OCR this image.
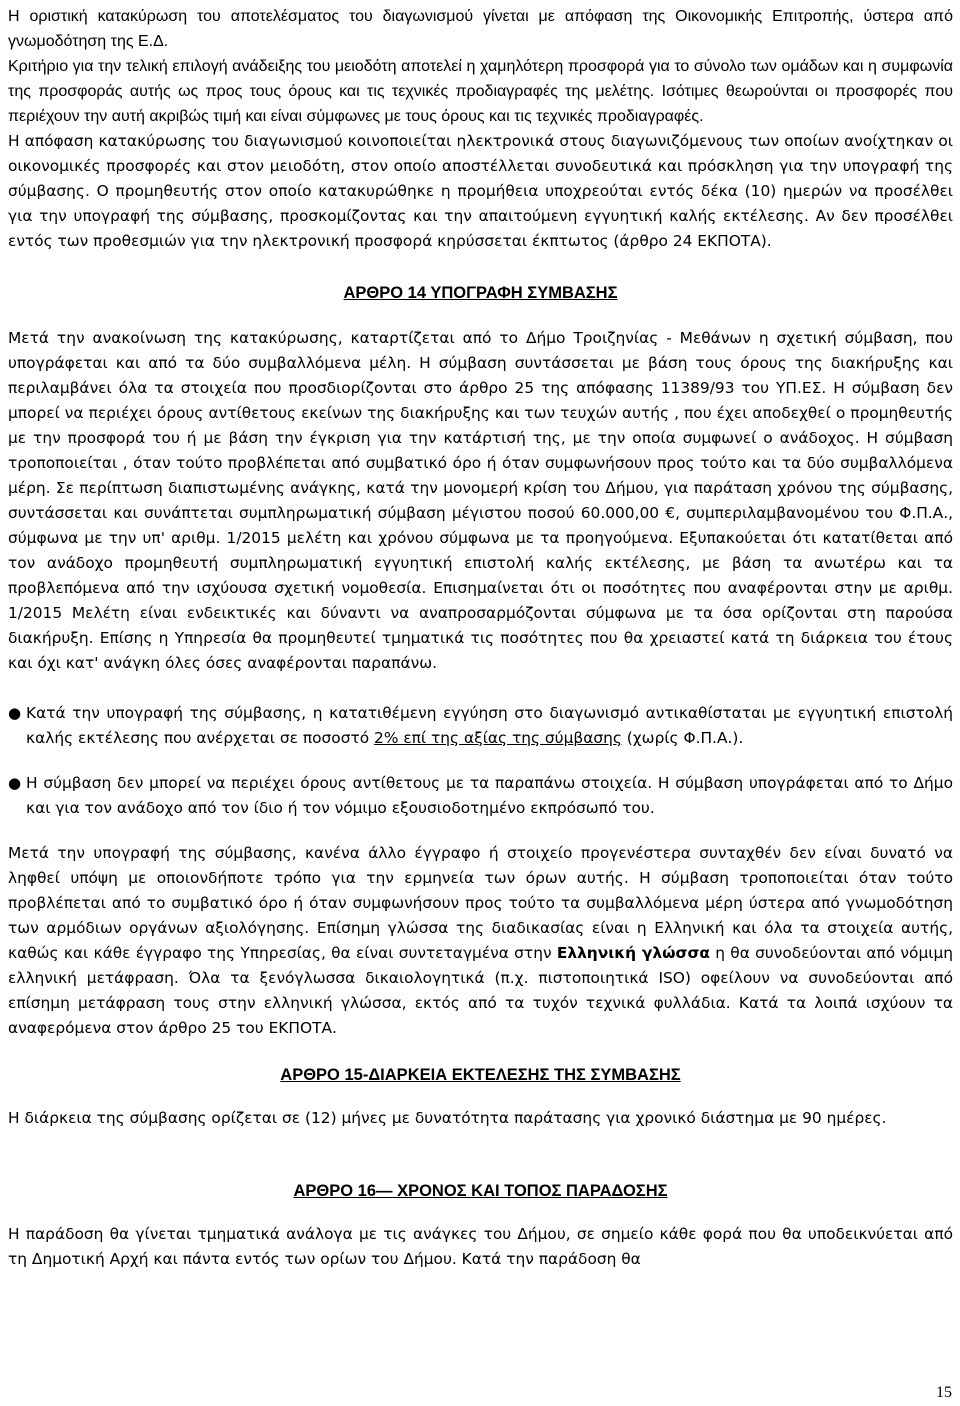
Η οριστική κατακύρωση του αποτελέσματος του διαγωνισμού γίνεται με απόφαση της Οικονομικής Επιτροπής, ύστερα από γνωμοδότηση της Ε.Δ.

Κριτήριο για την τελική επιλογή ανάδειξης του μειοδότη αποτελεί η χαμηλότερη προσφορά για το σύνολο των ομάδων και η συμφωνία της προσφοράς αυτής ως προς τους όρους και τις τεχνικές προδιαγραφές της μελέτης. Ισότιμες θεωρούνται οι προσφορές που περιέχουν την αυτή ακριβώς τιμή και είναι σύμφωνες με τους όρους και τις τεχνικές προδιαγραφές.

Η απόφαση κατακύρωσης του διαγωνισμού κοινοποιείται ηλεκτρονικά στους διαγωνιζόμενους των οποίων ανοίχτηκαν οι οικονομικές προσφορές και στον μειοδότη, στον οποίο αποστέλλεται συνοδευτικά και πρόσκληση για την υπογραφή της σύμβασης. Ο προμηθευτής στον οποίο κατακυρώθηκε η προμήθεια υποχρεούται εντός δέκα (10) ημερών να προσέλθει για την υπογραφή της σύμβασης, προσκομίζοντας και την απαιτούμενη εγγυητική καλής εκτέλεσης. Αν δεν προσέλθει εντός των προθεσμιών για την ηλεκτρονική προσφορά κηρύσσεται έκπτωτος (άρθρο 24 ΕΚΠΟΤΑ).

ΑΡΘΡΟ 14 ΥΠΟΓΡΑΦΗ ΣΥΜΒΑΣΗΣ

Μετά την ανακοίνωση της κατακύρωσης, καταρτίζεται από το Δήμο Τροιζηνίας - Μεθάνων η σχετική σύμβαση, που υπογράφεται και από τα δύο συμβαλλόμενα μέλη. Η σύμβαση συντάσσεται με βάση τους όρους της διακήρυξης και περιλαμβάνει όλα τα στοιχεία που προσδιορίζονται στο άρθρο 25 της απόφασης 11389/93 του ΥΠ.ΕΣ. Η σύμβαση δεν μπορεί να περιέχει όρους αντίθετους εκείνων της διακήρυξης και των τευχών αυτής , που έχει αποδεχθεί ο προμηθευτής με την προσφορά του ή με βάση την έγκριση για την κατάρτισή της, με την οποία συμφωνεί ο ανάδοχος. Η σύμβαση τροποποιείται , όταν τούτο προβλέπεται από συμβατικό όρο ή όταν συμφωνήσουν προς τούτο και τα δύο συμβαλλόμενα μέρη. Σε περίπτωση διαπιστωμένης ανάγκης, κατά την μονομερή κρίση του Δήμου, για παράταση χρόνου της σύμβασης, συντάσσεται και συνάπτεται συμπληρωματική σύμβαση μέγιστου ποσού 60.000,00 €, συμπεριλαμβανομένου του Φ.Π.Α., σύμφωνα με την υπ' αριθμ. 1/2015 μελέτη και χρόνου σύμφωνα με τα προηγούμενα. Εξυπακούεται ότι κατατίθεται από τον ανάδοχο προμηθευτή συμπληρωματική εγγυητική επιστολή καλής εκτέλεσης, με βάση τα ανωτέρω και τα προβλεπόμενα από την ισχύουσα σχετική νομοθεσία. Επισημαίνεται ότι οι ποσότητες που αναφέρονται στην με αριθμ. 1/2015 Μελέτη είναι ενδεικτικές και δύναντι να αναπροσαρμόζονται σύμφωνα με τα όσα ορίζονται στη παρούσα διακήρυξη. Επίσης η Υπηρεσία θα προμηθευτεί τμηματικά τις ποσότητες που θα χρειαστεί κατά τη διάρκεια του έτους και όχι κατ' ανάγκη όλες όσες αναφέρονται παραπάνω.

● Κατά την υπογραφή της σύμβασης, η κατατιθέμενη εγγύηση στο διαγωνισμό αντικαθίσταται με εγγυητική επιστολή καλής εκτέλεσης που ανέρχεται σε ποσοστό 2% επί της αξίας της σύμβασης (χωρίς Φ.Π.Α.).

● Η σύμβαση δεν μπορεί να περιέχει όρους αντίθετους με τα παραπάνω στοιχεία. Η σύμβαση υπογράφεται από το Δήμο και για τον ανάδοχο από τον ίδιο ή τον νόμιμο εξουσιοδοτημένο εκπρόσωπό του.

Μετά την υπογραφή της σύμβασης, κανένα άλλο έγγραφο ή στοιχείο προγενέστερα συνταχθέν δεν είναι δυνατό να ληφθεί υπόψη με οποιονδήποτε τρόπο για την ερμηνεία των όρων αυτής. Η σύμβαση τροποποιείται όταν τούτο προβλέπεται από το συμβατικό όρο ή όταν συμφωνήσουν προς τούτο τα συμβαλλόμενα μέρη ύστερα από γνωμοδότηση των αρμόδιων οργάνων αξιολόγησης. Επίσημη γλώσσα της διαδικασίας είναι η Ελληνική και όλα τα στοιχεία αυτής, καθώς και κάθε έγγραφο της Υπηρεσίας, θα είναι συντεταγμένα στην Ελληνική γλώσσα η θα συνοδεύονται από νόμιμη ελληνική μετάφραση. Όλα τα ξενόγλωσσα δικαιολογητικά (π.χ. πιστοποιητικά ISO) οφείλουν να συνοδεύονται από επίσημη μετάφραση τους στην ελληνική γλώσσα, εκτός από τα τυχόν τεχνικά φυλλάδια. Κατά τα λοιπά ισχύουν τα αναφερόμενα στον άρθρο 25 του ΕΚΠΟΤΑ.

ΑΡΘΡΟ 15-ΔΙΑΡΚΕΙΑ ΕΚΤΕΛΕΣΗΣ ΤΗΣ ΣΥΜΒΑΣΗΣ

Η διάρκεια της σύμβασης ορίζεται σε (12) μήνες με δυνατότητα παράτασης για χρονικό διάστημα με 90 ημέρες.

ΑΡΘΡΟ 16— ΧΡΟΝΟΣ ΚΑΙ ΤΟΠΟΣ ΠΑΡΑΔΟΣΗΣ

Η παράδοση θα γίνεται τμηματικά ανάλογα με τις ανάγκες του Δήμου, σε σημείο κάθε φορά που θα υποδεικνύεται από τη Δημοτική Αρχή και πάντα εντός των ορίων του Δήμου. Κατά την παράδοση θα

15
